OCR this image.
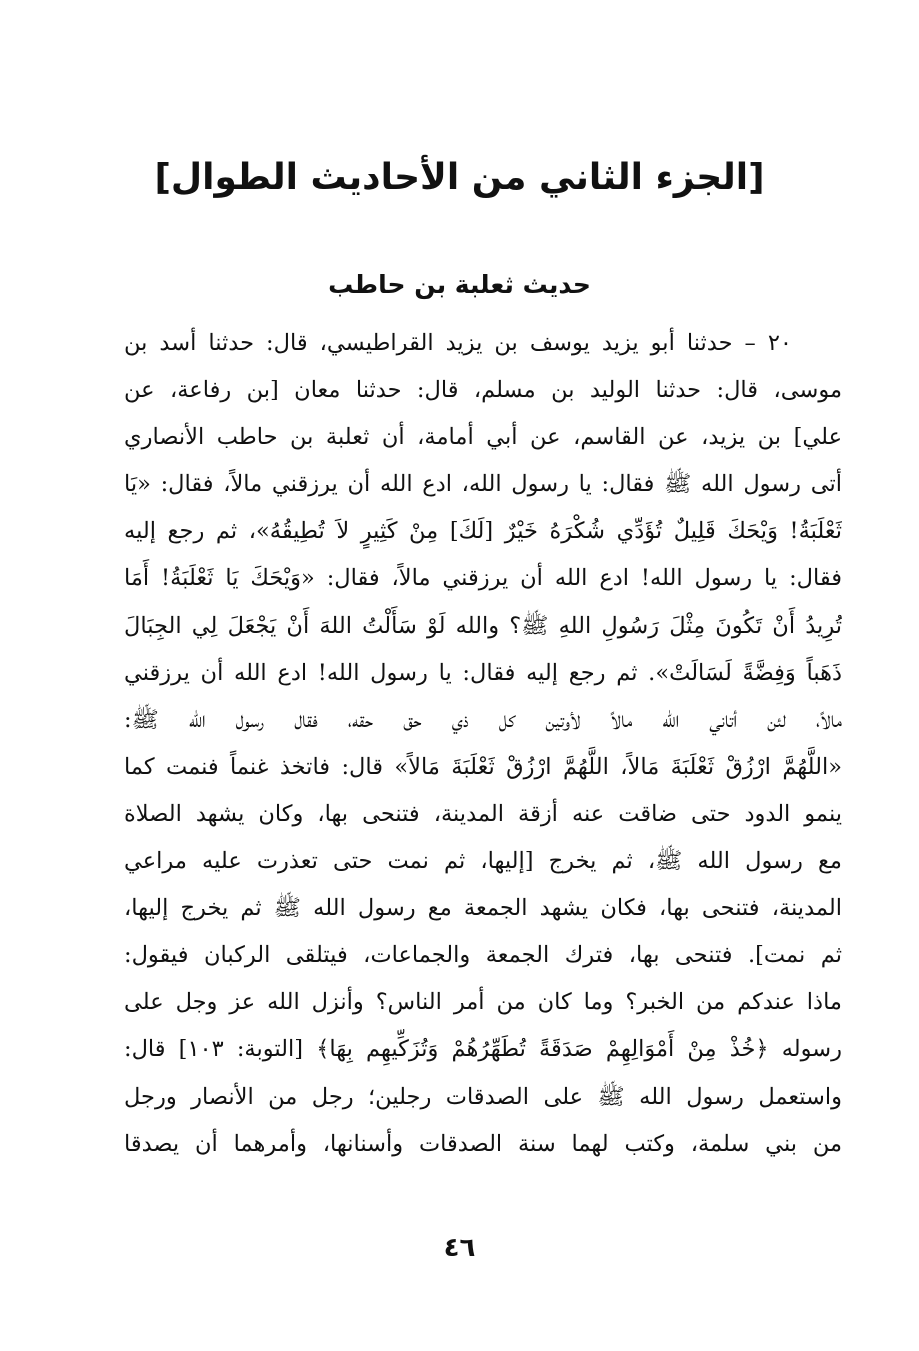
[الجزء الثاني من الأحاديث الطوال]
حديث ثعلبة بن حاطب
٢٠ – حدثنا أبو يزيد يوسف بن يزيد القراطيسي، قال: حدثنا أسد بن
موسى، قال: حدثنا الوليد بن مسلم، قال: حدثنا معان [بن رفاعة، عن
علي] بن يزيد، عن القاسم، عن أبي أمامة، أن ثعلبة بن حاطب الأنصاري
أتى رسول الله ﷺ فقال: يا رسول الله، ادع الله أن يرزقني مالاً، فقال: «يَا
ثَعْلَبَةُ! وَيْحَكَ قَلِيلٌ تُؤَدِّي شُكْرَهُ خَيْرٌ [لَكَ] مِنْ كَثِيرٍ لاَ تُطِيقُهُ»، ثم رجع إليه
فقال: يا رسول الله! ادع الله أن يرزقني مالاً، فقال: «وَيْحَكَ يَا ثَعْلَبَةُ! أَمَا
تُرِيدُ أَنْ تَكُونَ مِثْلَ رَسُولِ اللهِ ﷺ؟ والله لَوْ سَأَلْتُ اللهَ أَنْ يَجْعَلَ لِي الجِبَالَ
ذَهَباً وَفِضَّةً لَسَالَتْ». ثم رجع إليه فقال: يا رسول الله! ادع الله أن يرزقني
مالاً، لئن أتاني الله مالاً لأوتين كل ذي حق حقه، فقال رسول الله ﷺ:
«اللَّهُمَّ ارْزُقْ ثَعْلَبَةَ مَالاً، اللَّهُمَّ ارْزُقْ ثَعْلَبَةَ مَالاً» قال: فاتخذ غنماً فنمت كما
ينمو الدود حتى ضاقت عنه أزقة المدينة، فتنحى بها، وكان يشهد الصلاة
مع رسول الله ﷺ، ثم يخرج [إليها، ثم نمت حتى تعذرت عليه مراعي
المدينة، فتنحى بها، فكان يشهد الجمعة مع رسول الله ﷺ ثم يخرج إليها،
ثم نمت]. فتنحى بها، فترك الجمعة والجماعات، فيتلقى الركبان فيقول:
ماذا عندكم من الخبر؟ وما كان من أمر الناس؟ وأنزل الله عز وجل على
رسوله ﴿خُذْ مِنْ أَمْوَالِهِمْ صَدَقَةً تُطَهِّرُهُمْ وَتُزَكِّيهِم بِهَا﴾ [التوبة: ١٠٣] قال:
واستعمل رسول الله ﷺ على الصدقات رجلين؛ رجل من الأنصار ورجل
من بني سلمة، وكتب لهما سنة الصدقات وأسنانها، وأمرهما أن يصدقا
٤٦
